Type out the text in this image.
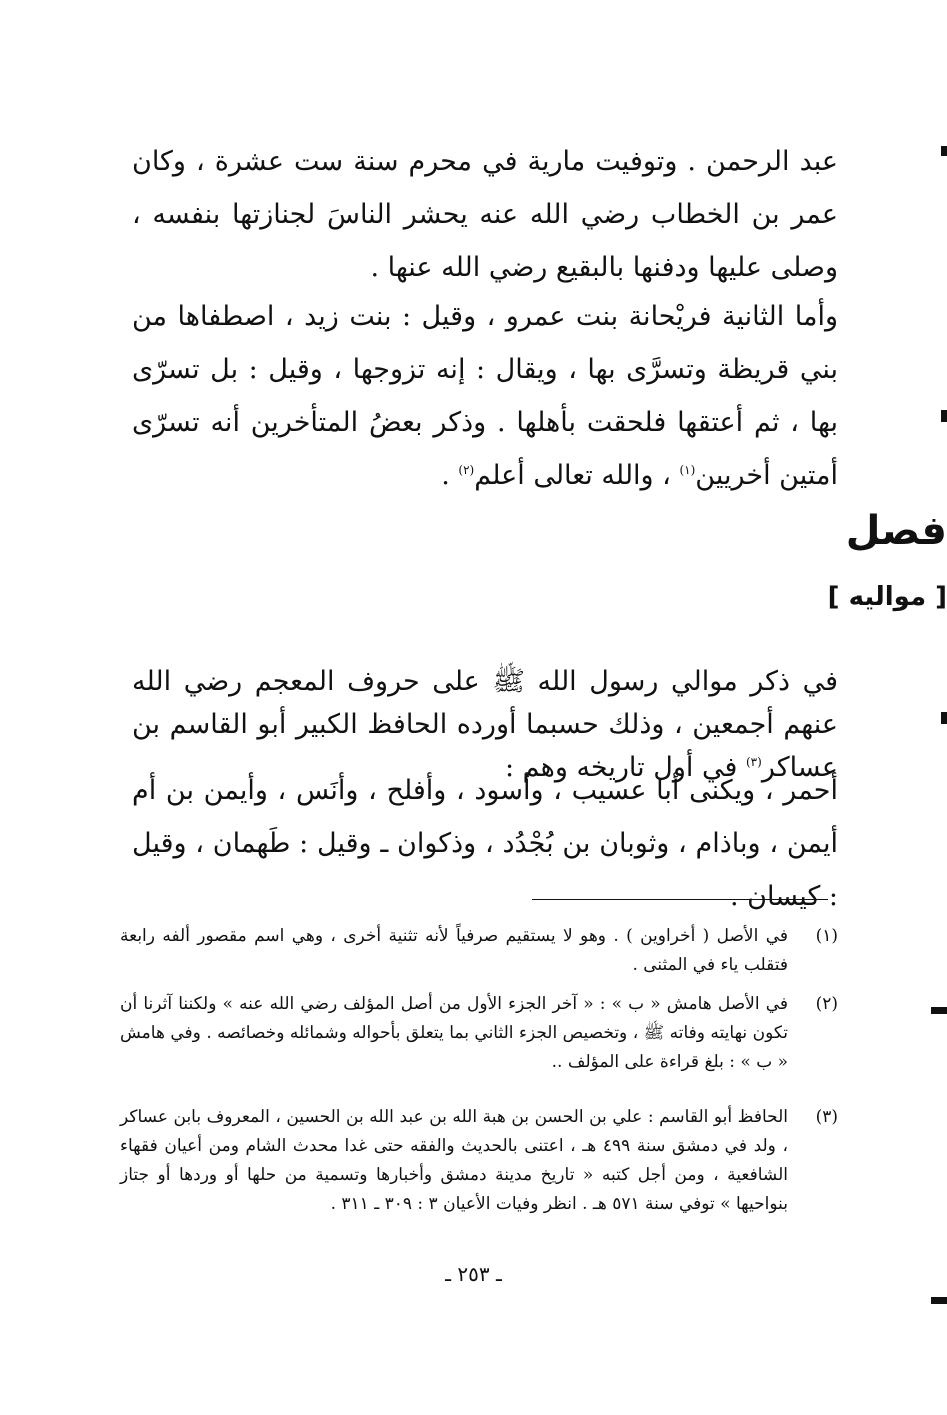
عبد الرحمن . وتوفيت مارية في محرم سنة ست عشرة ، وكان عمر بن الخطاب رضي الله عنه يحشر الناسَ لجنازتها بنفسه ، وصلى عليها ودفنها بالبقيع رضي الله عنها .

وأما الثانية فريْحانة بنت عمرو ، وقيل : بنت زيد ، اصطفاها من بني قريظة وتسرَّى بها ، ويقال : إنه تزوجها ، وقيل : بل تسرّى بها ، ثم أعتقها فلحقت بأهلها . وذكر بعضُ المتأخرين أنه تسرّى أمتين أخريين$^{(١)}$ ، والله تعالى أعلم$^{(٢)}$ .

فصل
[ مواليه ]

في ذكر موالي رسول الله ﷺ على حروف المعجم رضي الله عنهم أجمعين ، وذلك حسبما أورده الحافظ الكبير أبو القاسم بن عساكر$^{(٣)}$ في أول تاريخه وهم :

أحمر ، ويكنى أبا عسيب ، وأسود ، وأفلح ، وأنَس ، وأيمن بن أم أيمن ، وباذام ، وثوبان بن بُجْدُد ، وذكوان ـ وقيل : طَهمان ، وقيل : كيسان .

(١)

في الأصل ( أخراوين ) . وهو لا يستقيم صرفياً لأنه تثنية أخرى ، وهي اسم مقصور ألفه رابعة فتقلب ياء في المثنى .

(٢)

في الأصل هامش « ب » : « آخر الجزء الأول من أصل المؤلف رضي الله عنه » ولكننا آثرنا أن تكون نهايته وفاته ﷺ ، وتخصيص الجزء الثاني بما يتعلق بأحواله وشمائله وخصائصه . وفي هامش « ب » : بلغ قراءة على المؤلف ..

(٣)

الحافظ أبو القاسم : علي بن الحسن بن هبة الله بن عبد الله بن الحسين ، المعروف بابن عساكر ، ولد في دمشق سنة ٤٩٩ هـ ، اعتنى بالحديث والفقه حتى غدا محدث الشام ومن أعيان فقهاء الشافعية ، ومن أجل كتبه « تاريخ مدينة دمشق وأخبارها وتسمية من حلها أو وردها أو جتاز بنواحيها » توفي سنة ٥٧١ هـ . انظر وفيات الأعيان ٣ : ٣٠٩ ـ ٣١١ .

ـ ٢٥٣ ـ
